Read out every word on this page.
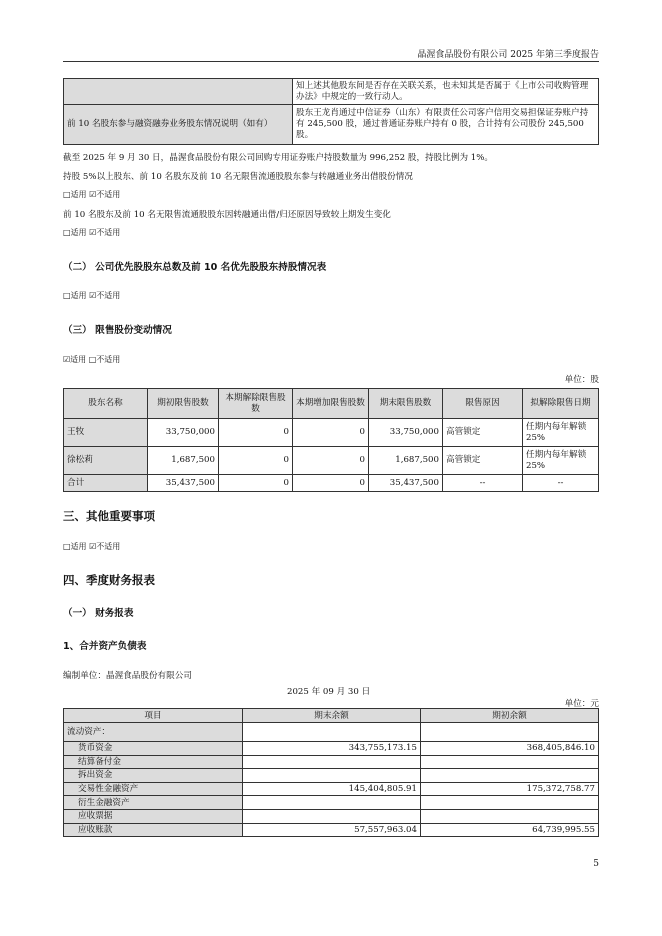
晶渥食品股份有限公司 2025 年第三季度报告
	知上述其他股东间是否存在关联关系，也未知其是否属于《上市公司收购管理办法》中规定的一致行动人。
前 10 名股东参与融资融券业务股东情况说明（如有）	股东王龙肖通过中信证券（山东）有限责任公司客户信用交易担保证券账户持有 245,500 股，通过普通证券账户持有 0 股，合计持有公司股份 245,500 股。
截至 2025 年 9 月 30 日，晶渥食品股份有限公司回购专用证券账户持股数量为 996,252 股，持股比例为 1%。
持股 5%以上股东、前 10 名股东及前 10 名无限售流通股股东参与转融通业务出借股份情况
□适用 ☑不适用
前 10 名股东及前 10 名无限售流通股股东因转融通出借/归还原因导致较上期发生变化
□适用 ☑不适用
（二） 公司优先股股东总数及前 10 名优先股股东持股情况表
□适用 ☑不适用
（三） 限售股份变动情况
☑适用 □不适用
单位：股
股东名称	期初限售股数	本期解除限售股数	本期增加限售股数	期末限售股数	限售原因	拟解除限售日期
王牧	33,750,000	0	0	33,750,000	高管锁定	任期内每年解锁 25%
徐松莉	1,687,500	0	0	1,687,500	高管锁定	任期内每年解锁 25%
合计	35,437,500	0	0	35,437,500	--	--
三、其他重要事项
□适用 ☑不适用
四、季度财务报表
（一） 财务报表
1、合并资产负债表
编制单位：晶渥食品股份有限公司
2025 年 09 月 30 日
单位：元
项目	期末余额	期初余额
流动资产：		
货币资金	343,755,173.15	368,405,846.10
结算备付金		
拆出资金		
交易性金融资产	145,404,805.91	175,372,758.77
衍生金融资产		
应收票据		
应收账款	57,557,963.04	64,739,995.55
5
